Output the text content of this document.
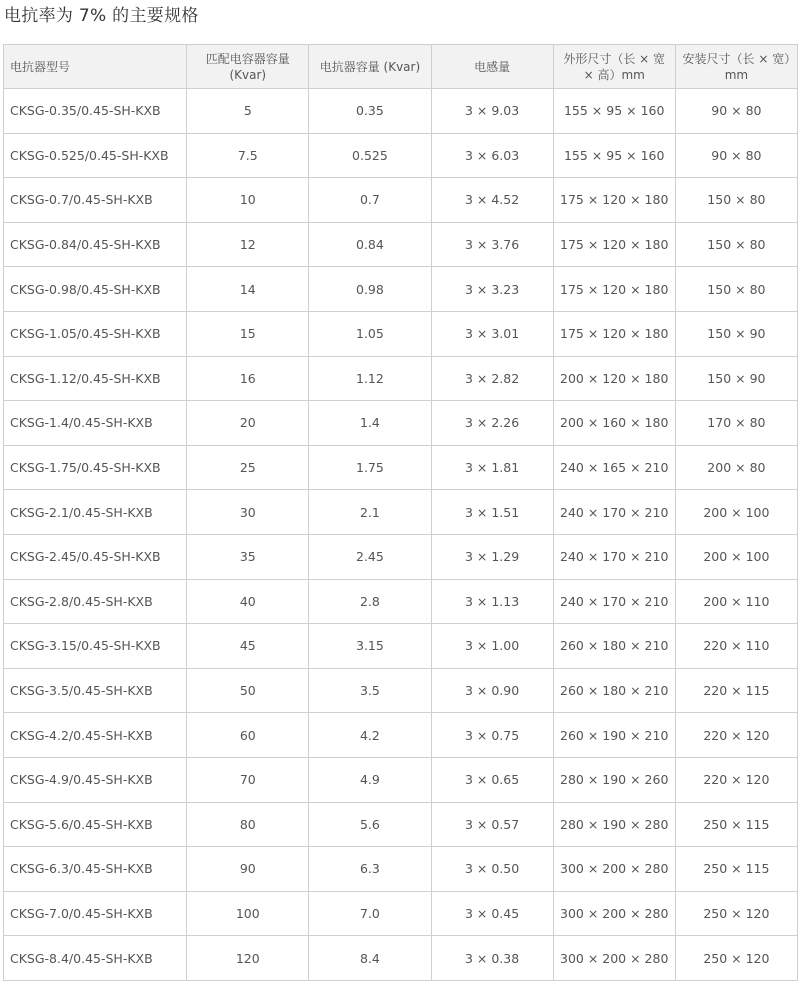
电抗率为 7% 的主要规格
电抗器型号	匹配电容器容量 (Kvar)	电抗器容量 (Kvar)	电感量	外形尺寸（长 × 宽 × 高）mm	安装尺寸（长 × 宽）mm
CKSG-0.35/0.45-SH-KXB	5	0.35	3 × 9.03	155 × 95 × 160	90 × 80
CKSG-0.525/0.45-SH-KXB	7.5	0.525	3 × 6.03	155 × 95 × 160	90 × 80
CKSG-0.7/0.45-SH-KXB	10	0.7	3 × 4.52	175 × 120 × 180	150 × 80
CKSG-0.84/0.45-SH-KXB	12	0.84	3 × 3.76	175 × 120 × 180	150 × 80
CKSG-0.98/0.45-SH-KXB	14	0.98	3 × 3.23	175 × 120 × 180	150 × 80
CKSG-1.05/0.45-SH-KXB	15	1.05	3 × 3.01	175 × 120 × 180	150 × 90
CKSG-1.12/0.45-SH-KXB	16	1.12	3 × 2.82	200 × 120 × 180	150 × 90
CKSG-1.4/0.45-SH-KXB	20	1.4	3 × 2.26	200 × 160 × 180	170 × 80
CKSG-1.75/0.45-SH-KXB	25	1.75	3 × 1.81	240 × 165 × 210	200 × 80
CKSG-2.1/0.45-SH-KXB	30	2.1	3 × 1.51	240 × 170 × 210	200 × 100
CKSG-2.45/0.45-SH-KXB	35	2.45	3 × 1.29	240 × 170 × 210	200 × 100
CKSG-2.8/0.45-SH-KXB	40	2.8	3 × 1.13	240 × 170 × 210	200 × 110
CKSG-3.15/0.45-SH-KXB	45	3.15	3 × 1.00	260 × 180 × 210	220 × 110
CKSG-3.5/0.45-SH-KXB	50	3.5	3 × 0.90	260 × 180 × 210	220 × 115
CKSG-4.2/0.45-SH-KXB	60	4.2	3 × 0.75	260 × 190 × 210	220 × 120
CKSG-4.9/0.45-SH-KXB	70	4.9	3 × 0.65	280 × 190 × 260	220 × 120
CKSG-5.6/0.45-SH-KXB	80	5.6	3 × 0.57	280 × 190 × 280	250 × 115
CKSG-6.3/0.45-SH-KXB	90	6.3	3 × 0.50	300 × 200 × 280	250 × 115
CKSG-7.0/0.45-SH-KXB	100	7.0	3 × 0.45	300 × 200 × 280	250 × 120
CKSG-8.4/0.45-SH-KXB	120	8.4	3 × 0.38	300 × 200 × 280	250 × 120
